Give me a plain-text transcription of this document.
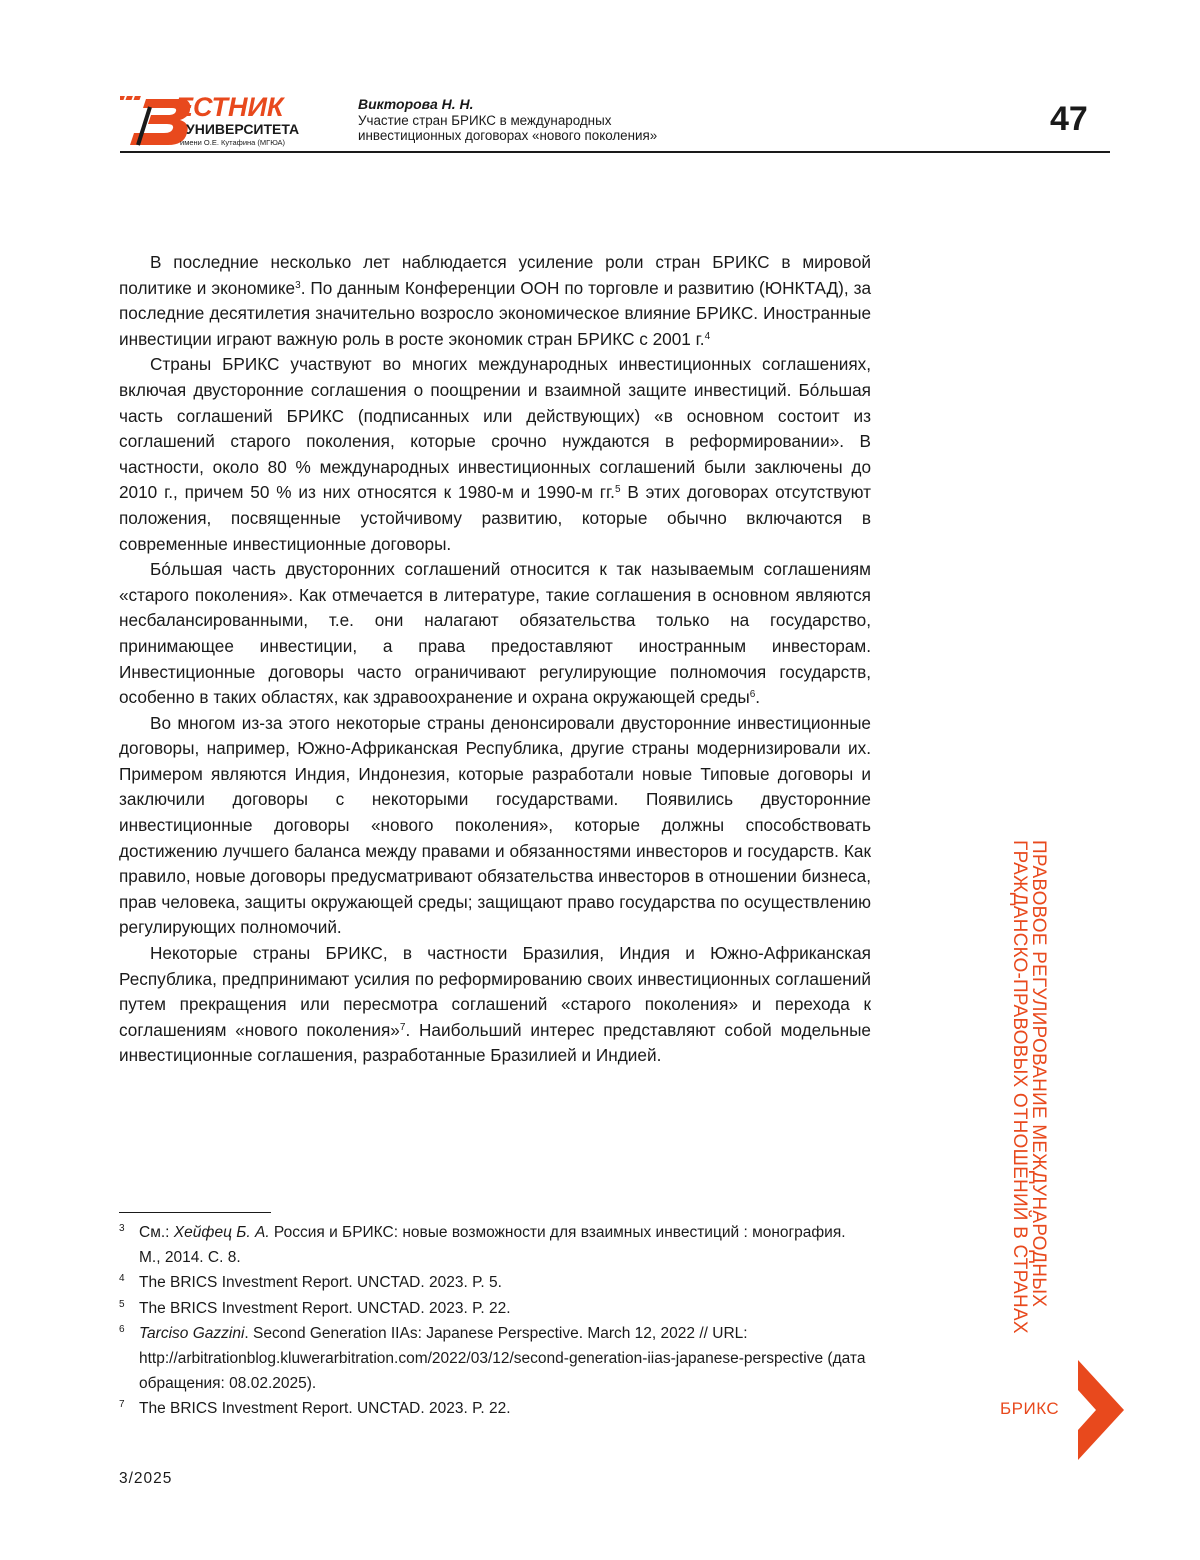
ЕСТНИК
УНИВЕРСИТЕТА
имени О.Е. Кутафина (МГЮА)
Викторова Н. Н.
Участие стран БРИКС в международных
инвестиционных договорах «нового поколения»	47

В последние несколько лет наблюдается усиление роли стран БРИКС в мировой политике и экономике3. По данным Конференции ООН по торговле и развитию (ЮНКТАД), за последние десятилетия значительно возросло экономическое влияние БРИКС. Иностранные инвестиции играют важную роль в росте экономик стран БРИКС с 2001 г.4

Страны БРИКС участвуют во многих международных инвестиционных соглашениях, включая двусторонние соглашения о поощрении и взаимной защите инвестиций. Бóльшая часть соглашений БРИКС (подписанных или действующих) «в основном состоит из соглашений старого поколения, которые срочно нуждаются в реформировании». В частности, около 80 % международных инвестиционных соглашений были заключены до 2010 г., причем 50 % из них относятся к 1980-м и 1990-м гг.5 В этих договорах отсутствуют положения, посвященные устойчивому развитию, которые обычно включаются в современные инвестиционные договоры.

Бóльшая часть двусторонних соглашений относится к так называемым соглашениям «старого поколения». Как отмечается в литературе, такие соглашения в основном являются несбалансированными, т.е. они налагают обязательства только на государство, принимающее инвестиции, а права предоставляют иностранным инвесторам. Инвестиционные договоры часто ограничивают регулирующие полномочия государств, особенно в таких областях, как здравоохранение и охрана окружающей среды6.

Во многом из-за этого некоторые страны денонсировали двусторонние инвестиционные договоры, например, Южно-Африканская Республика, другие страны модернизировали их. Примером являются Индия, Индонезия, которые разработали новые Типовые договоры и заключили договоры с некоторыми государствами. Появились двусторонние инвестиционные договоры «нового поколения», которые должны способствовать достижению лучшего баланса между правами и обязанностями инвесторов и государств. Как правило, новые договоры предусматривают обязательства инвесторов в отношении бизнеса, прав человека, защиты окружающей среды; защищают право государства по осуществлению регулирующих полномочий.

Некоторые страны БРИКС, в частности Бразилия, Индия и Южно-Африканская Республика, предпринимают усилия по реформированию своих инвестиционных соглашений путем прекращения или пересмотра соглашений «старого поколения» и перехода к соглашениям «нового поколения»7. Наибольший интерес представляют собой модельные инвестиционные соглашения, разработанные Бразилией и Индией.

3 См.: Хейфец Б. А. Россия и БРИКС: новые возможности для взаимных инвестиций : монография. М., 2014. С. 8.
4 The BRICS Investment Report. UNCTAD. 2023. P. 5.
5 The BRICS Investment Report. UNCTAD. 2023. P. 22.
6 Tarciso Gazzini. Second Generation IIAs: Japanese Perspective. March 12, 2022 // URL: http://arbitrationblog.kluwerarbitration.com/2022/03/12/second-generation-iias-japanese-perspective (дата обращения: 08.02.2025).
7 The BRICS Investment Report. UNCTAD. 2023. P. 22.
3/2025
ПРАВОВОЕ РЕГУЛИРОВАНИЕ МЕЖДУНАРОДНЫХ
ГРАЖДАНСКО-ПРАВОВЫХ ОТНОШЕНИЙ В СТРАНАХ
БРИКС
